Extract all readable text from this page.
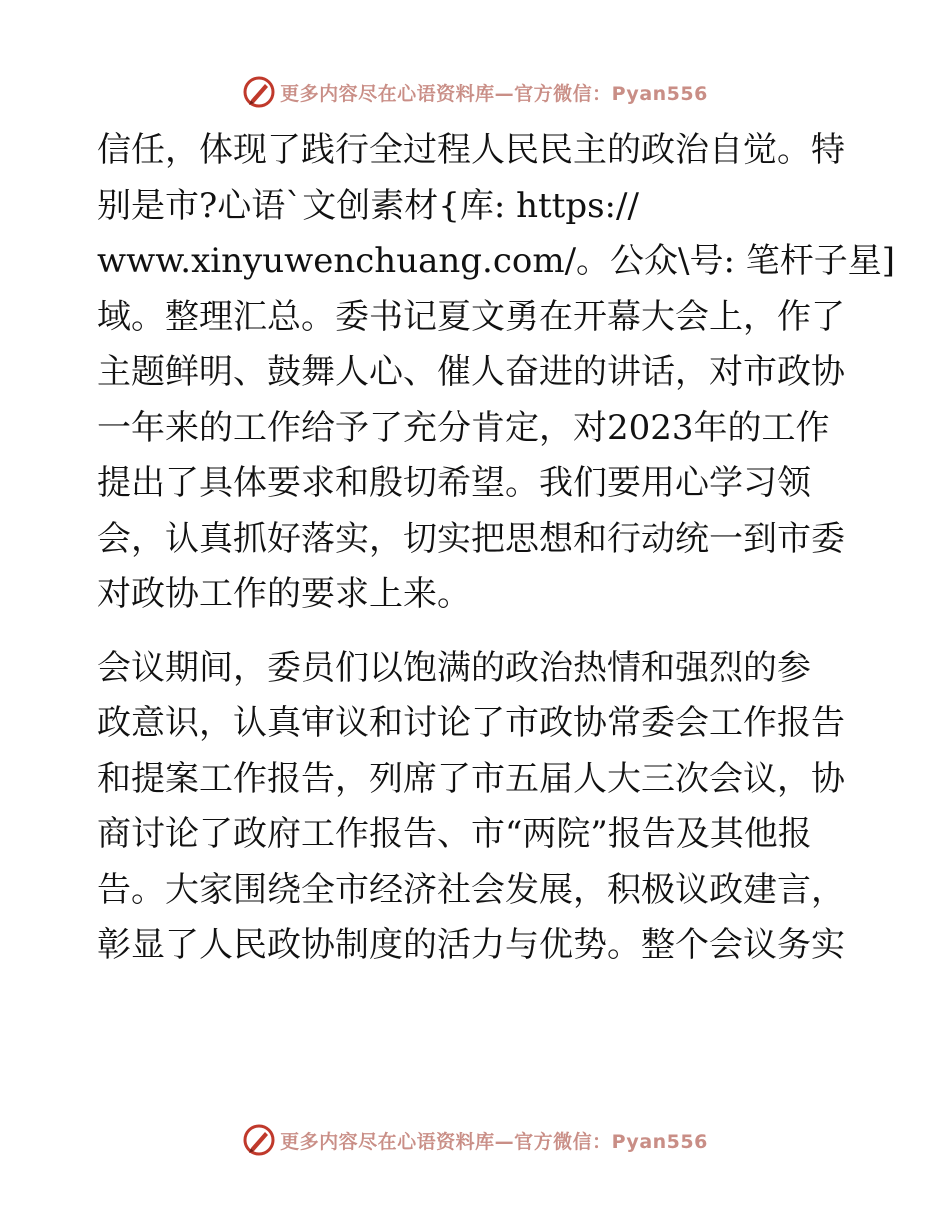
更多内容尽在心语资料库—官方微信：Pyan556

信任，体现了践行全过程人民民主的政治自觉。特
别是市?心语`文创素材{库: https://
www.xinyuwenchuang.com/。公众\号: 笔杆子星]
域。整理汇总。委书记夏文勇在开幕大会上，作了
主题鲜明、鼓舞人心、催人奋进的讲话，对市政协
一年来的工作给予了充分肯定，对2023年的工作
提出了具体要求和殷切希望。我们要用心学习领
会，认真抓好落实，切实把思想和行动统一到市委
对政协工作的要求上来。

会议期间，委员们以饱满的政治热情和强烈的参
政意识，认真审议和讨论了市政协常委会工作报告
和提案工作报告，列席了市五届人大三次会议，协
商讨论了政府工作报告、市“两院”报告及其他报
告。大家围绕全市经济社会发展，积极议政建言，
彰显了人民政协制度的活力与优势。整个会议务实

更多内容尽在心语资料库—官方微信：Pyan556
